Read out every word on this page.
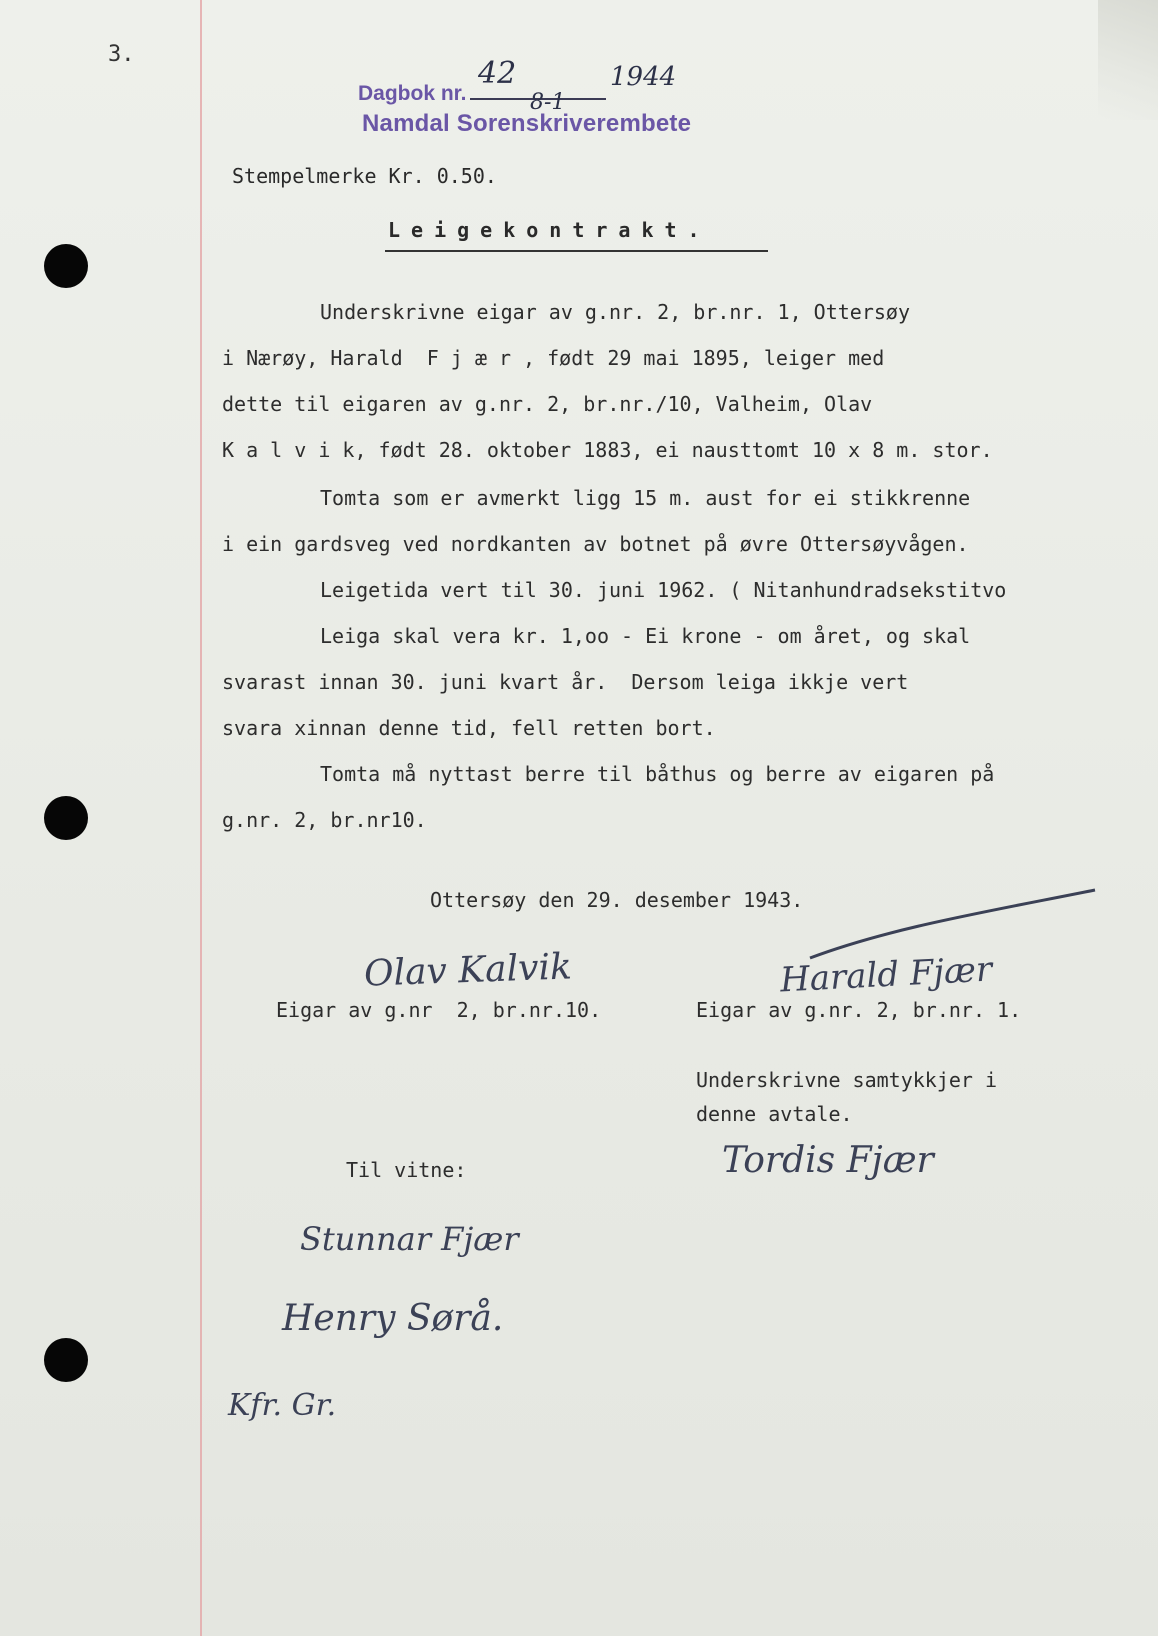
3.
Dagbok nr.
42	1944
8-1
Namdal Sorenskriverembete
Stempelmerke Kr. 0.50.
Leigekontrakt.
Underskrivne eigar av g.nr. 2, br.nr. 1, Ottersøy
i Nærøy, Harald  F j æ r , født 29 mai 1895, leiger med
dette til eigaren av g.nr. 2, br.nr./10, Valheim, Olav
K a l v i k, født 28. oktober 1883, ei nausttomt 10 x 8 m. stor.
Tomta som er avmerkt ligg 15 m. aust for ei stikkrenne
i ein gardsveg ved nordkanten av botnet på øvre Ottersøyvågen.
Leigetida vert til 30. juni 1962. ( Nitanhundradsekstitvo
Leiga skal vera kr. 1,oo - Ei krone - om året, og skal
svarast innan 30. juni kvart år.  Dersom leiga ikkje vert
svara xinnan denne tid, fell retten bort.
Tomta må nyttast berre til båthus og berre av eigaren på
g.nr. 2, br.nr10.
Ottersøy den 29. desember 1943.
Olav Kalvik
Eigar av g.nr  2, br.nr.10.
Harald Fjær
Eigar av g.nr. 2, br.nr. 1.
Underskrivne samtykkjer i
denne avtale.
Tordis Fjær
Til vitne:
Stunnar Fjær
Henry Sørå.
Kfr. Gr.
